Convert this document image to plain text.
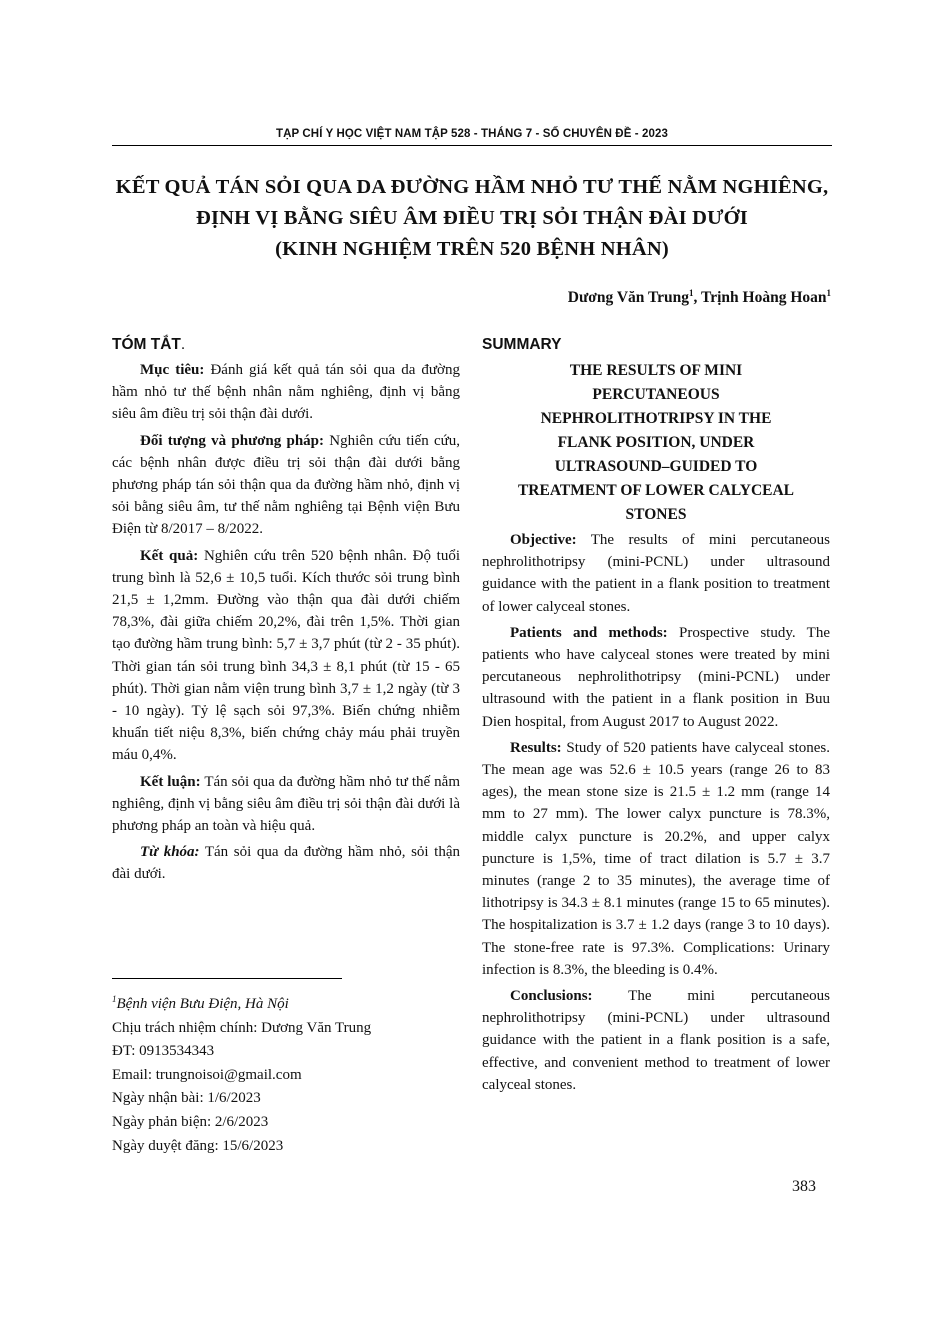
TẠP CHÍ Y HỌC VIỆT NAM TẬP 528 - THÁNG 7 - SỐ CHUYÊN ĐỀ - 2023
KẾT QUẢ TÁN SỎI QUA DA ĐƯỜNG HẦM NHỎ TƯ THẾ NẰM NGHIÊNG,
ĐỊNH VỊ BẰNG SIÊU ÂM ĐIỀU TRỊ SỎI THẬN ĐÀI DƯỚI
(KINH NGHIỆM TRÊN 520 BỆNH NHÂN)
Dương Văn Trung$^1$, Trịnh Hoàng Hoan$^1$
TÓM TẮT.

Mục tiêu: Đánh giá kết quả tán sỏi qua da đường hầm nhỏ tư thế bệnh nhân nằm nghiêng, định vị bằng siêu âm điều trị sỏi thận đài dưới.

Đối tượng và phương pháp: Nghiên cứu tiến cứu, các bệnh nhân được điều trị sỏi thận đài dưới bằng phương pháp tán sỏi thận qua da đường hầm nhỏ, định vị sỏi bằng siêu âm, tư thế nằm nghiêng tại Bệnh viện Bưu Điện từ 8/2017 – 8/2022.

Kết quả: Nghiên cứu trên 520 bệnh nhân. Độ tuổi trung bình là 52,6 ± 10,5 tuổi. Kích thước sỏi trung bình 21,5 ± 1,2mm. Đường vào thận qua đài dưới chiếm 78,3%, đài giữa chiếm 20,2%, đài trên 1,5%. Thời gian tạo đường hầm trung bình: 5,7 ± 3,7 phút (từ 2 - 35 phút). Thời gian tán sỏi trung bình 34,3 ± 8,1 phút (từ 15 - 65 phút). Thời gian nằm viện trung bình 3,7 ± 1,2 ngày (từ 3 - 10 ngày). Tỷ lệ sạch sỏi 97,3%. Biến chứng nhiễm khuẩn tiết niệu 8,3%, biến chứng chảy máu phải truyền máu 0,4%.

Kết luận: Tán sỏi qua da đường hầm nhỏ tư thế nằm nghiêng, định vị bằng siêu âm điều trị sỏi thận đài dưới là phương pháp an toàn và hiệu quả.

Từ khóa: Tán sỏi qua da đường hầm nhỏ, sỏi thận đài dưới.

$^1$Bệnh viện Bưu Điện, Hà Nội
Chịu trách nhiệm chính: Dương Văn Trung
ĐT: 0913534343
Email: trungnoisoi@gmail.com
Ngày nhận bài: 1/6/2023
Ngày phản biện: 2/6/2023
Ngày duyệt đăng: 15/6/2023
SUMMARY
THE RESULTS OF MINI
PERCUTANEOUS
NEPHROLITHOTRIPSY IN THE
FLANK POSITION, UNDER
ULTRASOUND–GUIDED TO
TREATMENT OF LOWER CALYCEAL
STONES

Objective: The results of mini percutaneous nephrolithotripsy (mini-PCNL) under ultrasound guidance with the patient in a flank position to treatment of lower calyceal stones.

Patients and methods: Prospective study. The patients who have calyceal stones were treated by mini percutaneous nephrolithotripsy (mini-PCNL) under ultrasound with the patient in a flank position in Buu Dien hospital, from August 2017 to August 2022.

Results: Study of 520 patients have calyceal stones. The mean age was 52.6 ± 10.5 years (range 26 to 83 ages), the mean stone size is 21.5 ± 1.2 mm (range 14 mm to 27 mm). The lower calyx puncture is 78.3%, middle calyx puncture is 20.2%, and upper calyx puncture is 1,5%, time of tract dilation is 5.7 ± 3.7 minutes (range 2 to 35 minutes), the average time of lithotripsy is 34.3 ± 8.1 minutes (range 15 to 65 minutes). The hospitalization is 3.7 ± 1.2 days (range 3 to 10 days). The stone-free rate is 97.3%. Complications: Urinary infection is 8.3%, the bleeding is 0.4%.

Conclusions: The mini percutaneous nephrolithotripsy (mini-PCNL) under ultrasound guidance with the patient in a flank position is a safe, effective, and convenient method to treatment of lower calyceal stones.

383
